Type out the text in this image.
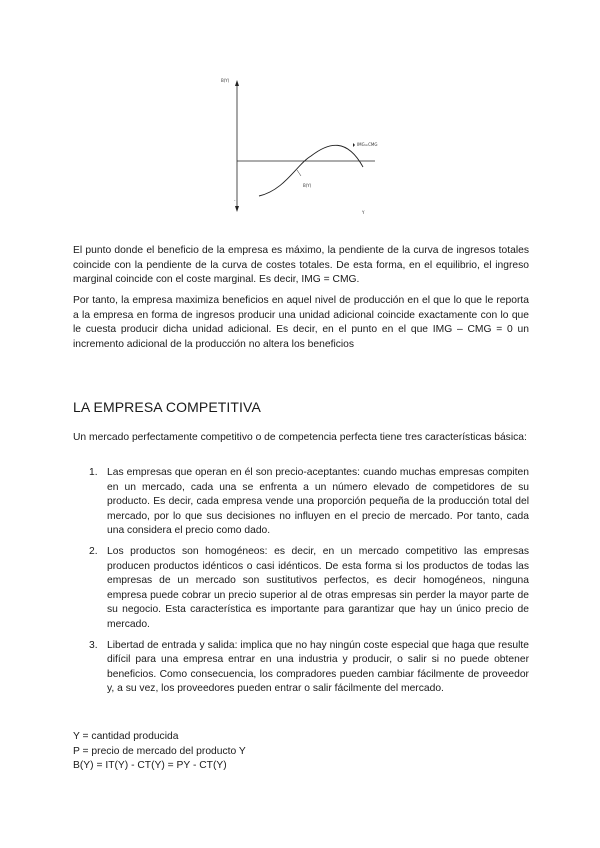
B(Y)
-
IMG=CMG
B(Y)
Y

El punto donde el beneficio de la empresa es máximo, la pendiente de la curva de ingresos totales coincide con la pendiente de la curva de costes totales. De esta forma, en el equilibrio, el ingreso marginal coincide con el coste marginal. Es decir, IMG = CMG.

Por tanto, la empresa maximiza beneficios en aquel nivel de producción en el que lo que le reporta a la empresa en forma de ingresos producir una unidad adicional coincide exactamente con lo que le cuesta producir dicha unidad adicional. Es decir, en el punto en el que IMG – CMG = 0 un incremento adicional de la producción no altera los beneficios

LA EMPRESA COMPETITIVA

Un mercado perfectamente competitivo o de competencia perfecta tiene tres características básica:

1. Las empresas que operan en él son precio-aceptantes: cuando muchas empresas compiten en un mercado, cada una se enfrenta a un número elevado de competidores de su producto. Es decir, cada empresa vende una proporción pequeña de la producción total del mercado, por lo que sus decisiones no influyen en el precio de mercado. Por tanto, cada una considera el precio como dado.
2. Los productos son homogéneos: es decir, en un mercado competitivo las empresas producen productos idénticos o casi idénticos. De esta forma si los productos de todas las empresas de un mercado son sustitutivos perfectos, es decir homogéneos, ninguna empresa puede cobrar un precio superior al de otras empresas sin perder la mayor parte de su negocio. Esta característica es importante para garantizar que hay un único precio de mercado.
3. Libertad de entrada y salida: implica que no hay ningún coste especial que haga que resulte difícil para una empresa entrar en una industria y producir, o salir si no puede obtener beneficios. Como consecuencia, los compradores pueden cambiar fácilmente de proveedor y, a su vez, los proveedores pueden entrar o salir fácilmente del mercado.
Y = cantidad producida
P = precio de mercado del producto Y
B(Y) = IT(Y) - CT(Y) = PY - CT(Y)
